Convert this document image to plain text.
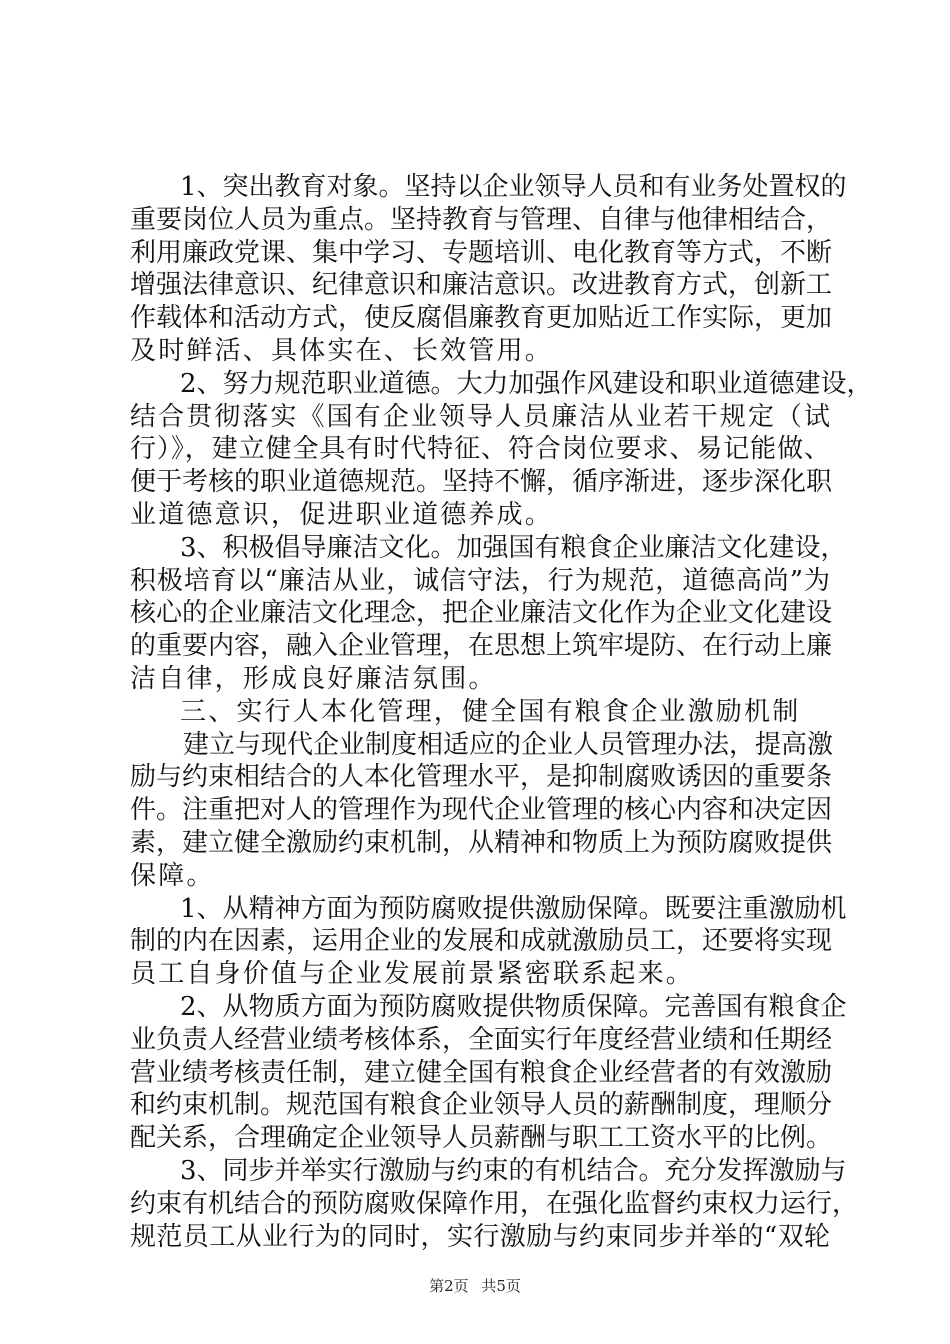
1、突出教育对象。坚持以企业领导人员和有业务处置权的
重要岗位人员为重点。坚持教育与管理、自律与他律相结合，
利用廉政党课、集中学习、专题培训、电化教育等方式，不断
增强法律意识、纪律意识和廉洁意识。改进教育方式，创新工
作载体和活动方式，使反腐倡廉教育更加贴近工作实际，更加
及时鲜活、具体实在、长效管用。
2、努力规范职业道德。大力加强作风建设和职业道德建设，
结合贯彻落实《国有企业领导人员廉洁从业若干规定（试
行）》，建立健全具有时代特征、符合岗位要求、易记能做、
便于考核的职业道德规范。坚持不懈，循序渐进，逐步深化职
业道德意识，促进职业道德养成。
3、积极倡导廉洁文化。加强国有粮食企业廉洁文化建设，
积极培育以“廉洁从业，诚信守法，行为规范，道德高尚”为
核心的企业廉洁文化理念，把企业廉洁文化作为企业文化建设
的重要内容，融入企业管理，在思想上筑牢堤防、在行动上廉
洁自律，形成良好廉洁氛围。
三、实行人本化管理，健全国有粮食企业激励机制
建立与现代企业制度相适应的企业人员管理办法，提高激
励与约束相结合的人本化管理水平，是抑制腐败诱因的重要条
件。注重把对人的管理作为现代企业管理的核心内容和决定因
素，建立健全激励约束机制，从精神和物质上为预防腐败提供
保障。
1、从精神方面为预防腐败提供激励保障。既要注重激励机
制的内在因素，运用企业的发展和成就激励员工，还要将实现
员工自身价值与企业发展前景紧密联系起来。
2、从物质方面为预防腐败提供物质保障。完善国有粮食企
业负责人经营业绩考核体系，全面实行年度经营业绩和任期经
营业绩考核责任制，建立健全国有粮食企业经营者的有效激励
和约束机制。规范国有粮食企业领导人员的薪酬制度，理顺分
配关系，合理确定企业领导人员薪酬与职工工资水平的比例。
3、同步并举实行激励与约束的有机结合。充分发挥激励与
约束有机结合的预防腐败保障作用，在强化监督约束权力运行，
规范员工从业行为的同时，实行激励与约束同步并举的“双轮
第2页 共5页
